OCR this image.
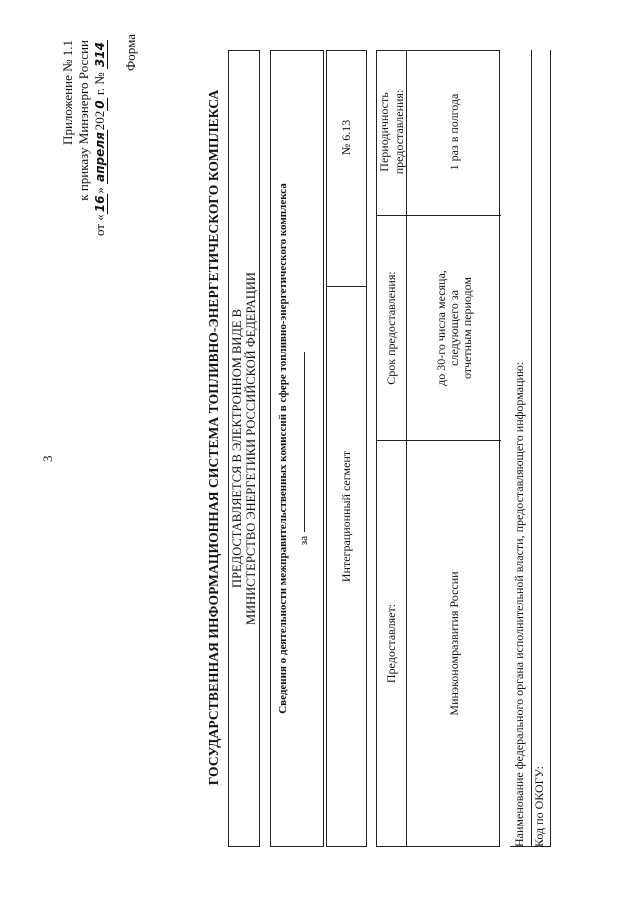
3
Приложение № 1.1 к приказу Минэнерго России
от «16» апреля2020 г. № 314 Форма
ГОСУДАРСТВЕННАЯ ИНФОРМАЦИОННАЯ СИСТЕМА ТОПЛИВНО-ЭНЕРГЕТИЧЕСКОГО КОМПЛЕКСА ПРЕДОСТАВЛЯЕТСЯ В ЭЛЕКТРОННОМ ВИДЕ В МИНИСТЕРСТВО ЭНЕРГЕТИКИ РОССИЙСКОЙ ФЕДЕРАЦИИ	Сведения о деятельности межправительственных комиссий в сфере топливно-энергетического комплекса за	Интеграционный сегмент
№ 6.13
Предоставляет:
Срок предоставления:
Периодичность предоставления:
Минэкономразвития России
до 30-го числа месяца, следующего за отчетным периодом
1 раз в полгода
Наименование федерального органа исполнительной власти, предоставляющего информацию: Код по ОКОГУ:
